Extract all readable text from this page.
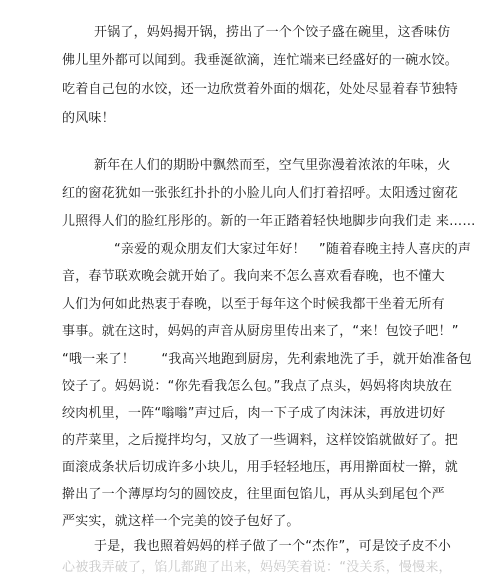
开锅了，妈妈揭开锅，捞出了一个个饺子盛在碗里，这香味仿
佛儿里外都可以闻到。我垂涎欲滴，连忙端来已经盛好的一碗水饺。
吃着自己包的水饺，还一边欣赏着外面的烟花，处处尽显着春节独特
的风味！
新年在人们的期盼中飘然而至，空气里弥漫着浓浓的年味，火
红的窗花犹如一张张红扑扑的小脸儿向人们打着招呼。太阳透过窗花
儿照得人们的脸红彤彤的。新的一年正踏着轻快地脚步向我们走 来……
“亲爱的观众朋友们大家过年好！　”随着春晚主持人喜庆的声
音，春节联欢晚会就开始了。我向来不怎么喜欢看春晚，也不懂大
人们为何如此热衷于春晚，以至于每年这个时候我都干坐着无所有
事事。就在这时，妈妈的声音从厨房里传出来了，“来！包饺子吧！”
“哦一来了！　　“我高兴地跑到厨房，先利索地洗了手，就开始准备包
饺子了。妈妈说：“你先看我怎么包。”我点了点头，妈妈将肉块放在
绞肉机里，一阵“嗡嗡”声过后，肉一下子成了肉沫沫，再放进切好
的芹菜里，之后搅拌均匀，又放了一些调料，这样饺馅就做好了。把
面滚成条状后切成许多小块儿，用手轻轻地压，再用擀面杖一擀，就
擀出了一个薄厚均匀的圆饺皮，往里面包馅儿，再从头到尾包个严
严实实，就这样一个完美的饺子包好了。
于是，我也照着妈妈的样子做了一个“杰作”，可是饺子皮不小
心被我弄破了，馅儿都跑了出来，妈妈笑着说：“没关系，慢慢来，
